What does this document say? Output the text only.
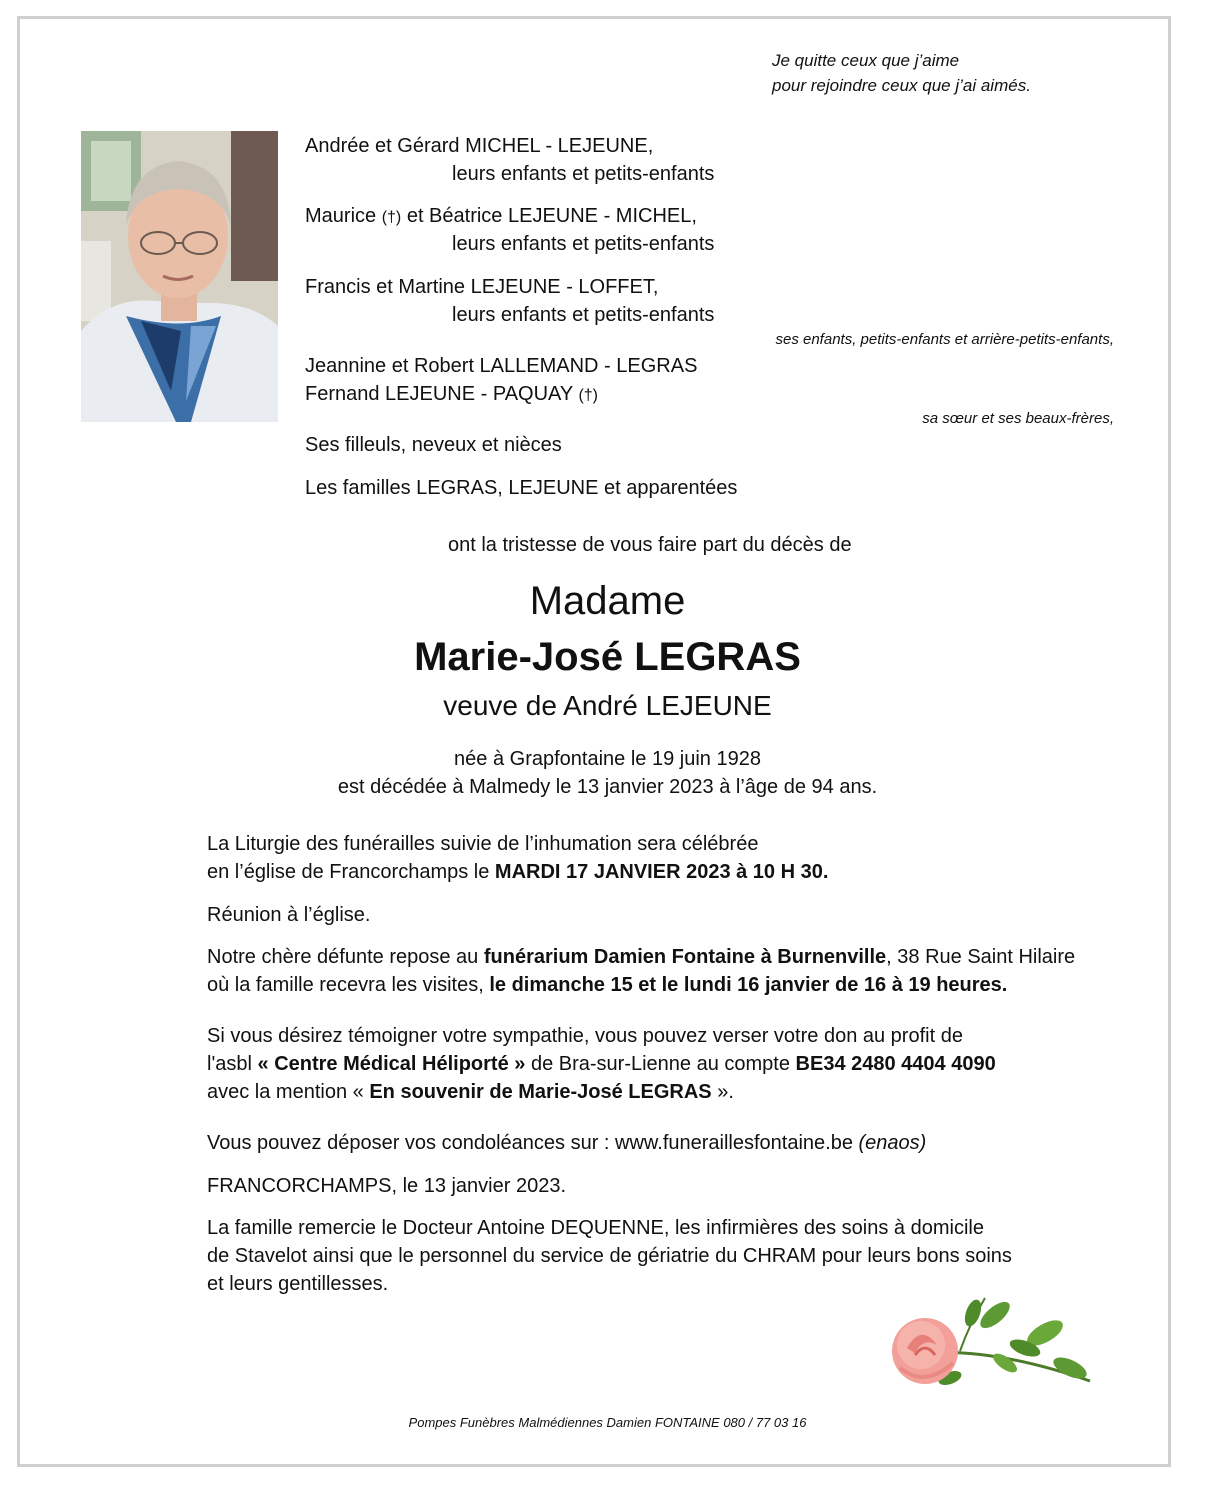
Je quitte ceux que j’aime
pour rejoindre ceux que j’ai aimés.
Andrée et Gérard MICHEL - LEJEUNE,
leurs enfants et petits-enfants
Maurice (†) et Béatrice LEJEUNE - MICHEL,
leurs enfants et petits-enfants
Francis et Martine LEJEUNE - LOFFET,
leurs enfants et petits-enfants
ses enfants, petits-enfants et arrière-petits-enfants,
Jeannine et Robert LALLEMAND - LEGRAS
Fernand LEJEUNE - PAQUAY (†)
sa sœur et ses beaux-frères,
Ses filleuls, neveux et nièces
Les familles LEGRAS, LEJEUNE et apparentées
ont la tristesse de vous faire part du décès de
Madame
Marie-José LEGRAS
veuve de André LEJEUNE
née à Grapfontaine le 19 juin 1928
est décédée à Malmedy le 13 janvier 2023 à l’âge de 94 ans.
La Liturgie des funérailles suivie de l’inhumation sera célébrée
en l’église de Francorchamps le MARDI 17 JANVIER 2023 à 10 H 30.
Réunion à l’église.
Notre chère défunte repose au funérarium Damien Fontaine à Burnenville, 38 Rue Saint Hilaire
où la famille recevra les visites, le dimanche 15 et le lundi 16 janvier de 16 à 19 heures.
Si vous désirez témoigner votre sympathie, vous pouvez verser votre don au profit de
l'asbl « Centre Médical Héliporté » de Bra-sur-Lienne au compte BE34 2480 4404 4090
avec la mention « En souvenir de Marie-José LEGRAS ».
Vous pouvez déposer vos condoléances sur : www.funeraillesfontaine.be (enaos)
FRANCORCHAMPS, le 13 janvier 2023.
La famille remercie le Docteur Antoine DEQUENNE, les infirmières des soins à domicile
de Stavelot ainsi que le personnel du service de gériatrie du CHRAM pour leurs bons soins
et leurs gentillesses.
Pompes Funèbres Malmédiennes Damien FONTAINE 080 / 77 03 16
